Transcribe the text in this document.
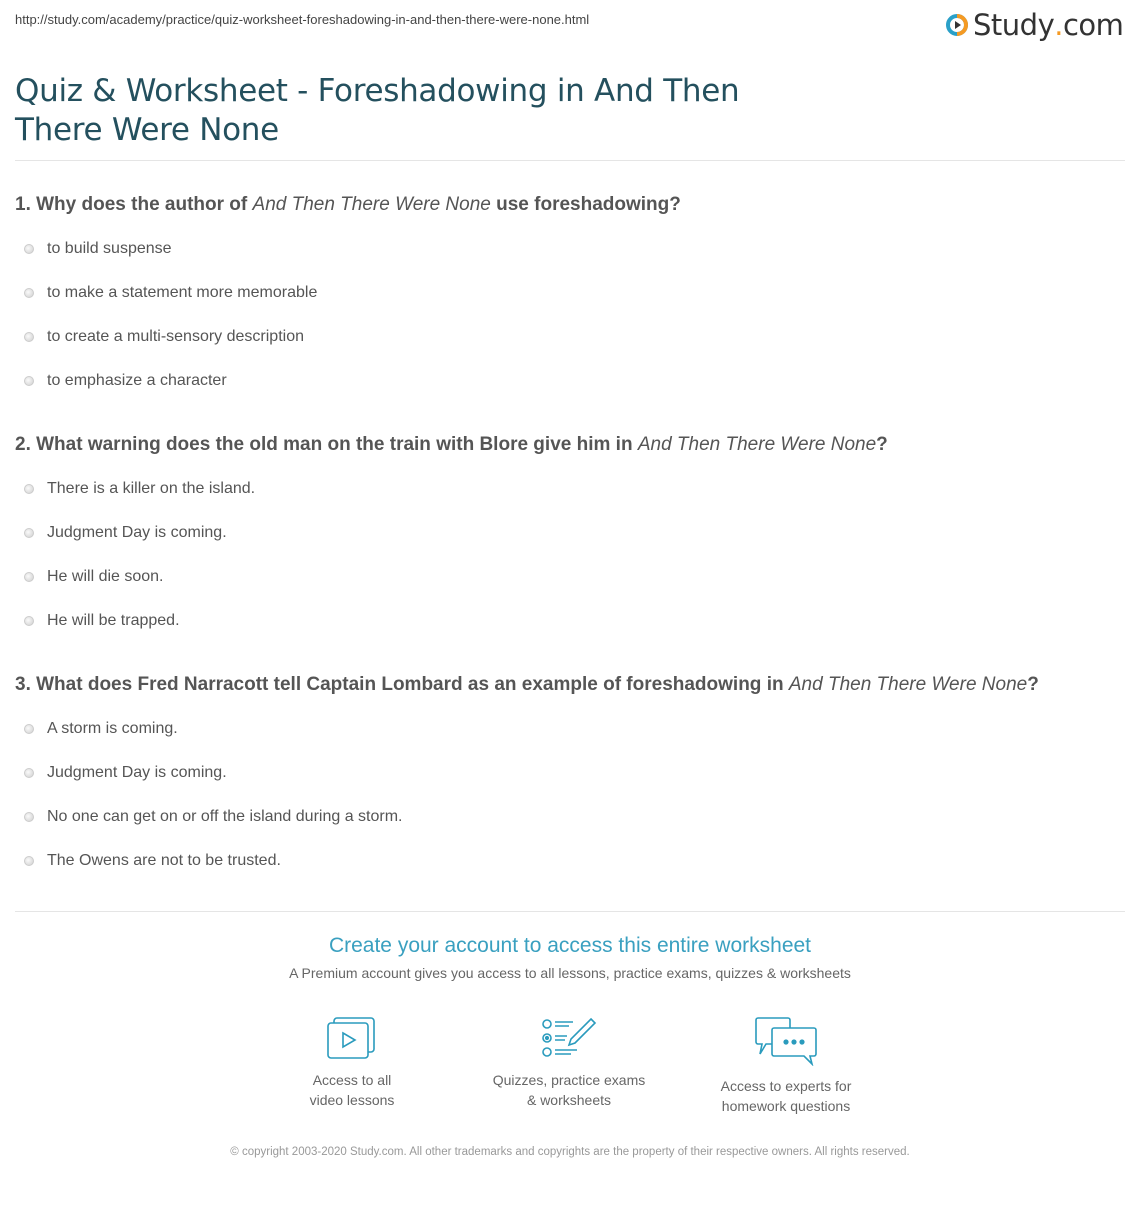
http://study.com/academy/practice/quiz-worksheet-foreshadowing-in-and-then-there-were-none.html	Study . com
Quiz & Worksheet - Foreshadowing in And Then There Were None
1. Why does the author of And Then There Were None use foreshadowing?
to build suspense
to make a statement more memorable
to create a multi-sensory description
to emphasize a character
2. What warning does the old man on the train with Blore give him in And Then There Were None?
There is a killer on the island.
Judgment Day is coming.
He will die soon.
He will be trapped.
3. What does Fred Narracott tell Captain Lombard as an example of foreshadowing in And Then There Were None?
A storm is coming.
Judgment Day is coming.
No one can get on or off the island during a storm.
The Owens are not to be trusted.
Create your account to access this entire worksheet
A Premium account gives you access to all lessons, practice exams, quizzes & worksheets
Access to all
video lessons
Quizzes, practice exams
& worksheets
Access to experts for
homework questions
© copyright 2003-2020 Study.com. All other trademarks and copyrights are the property of their respective owners. All rights reserved.
